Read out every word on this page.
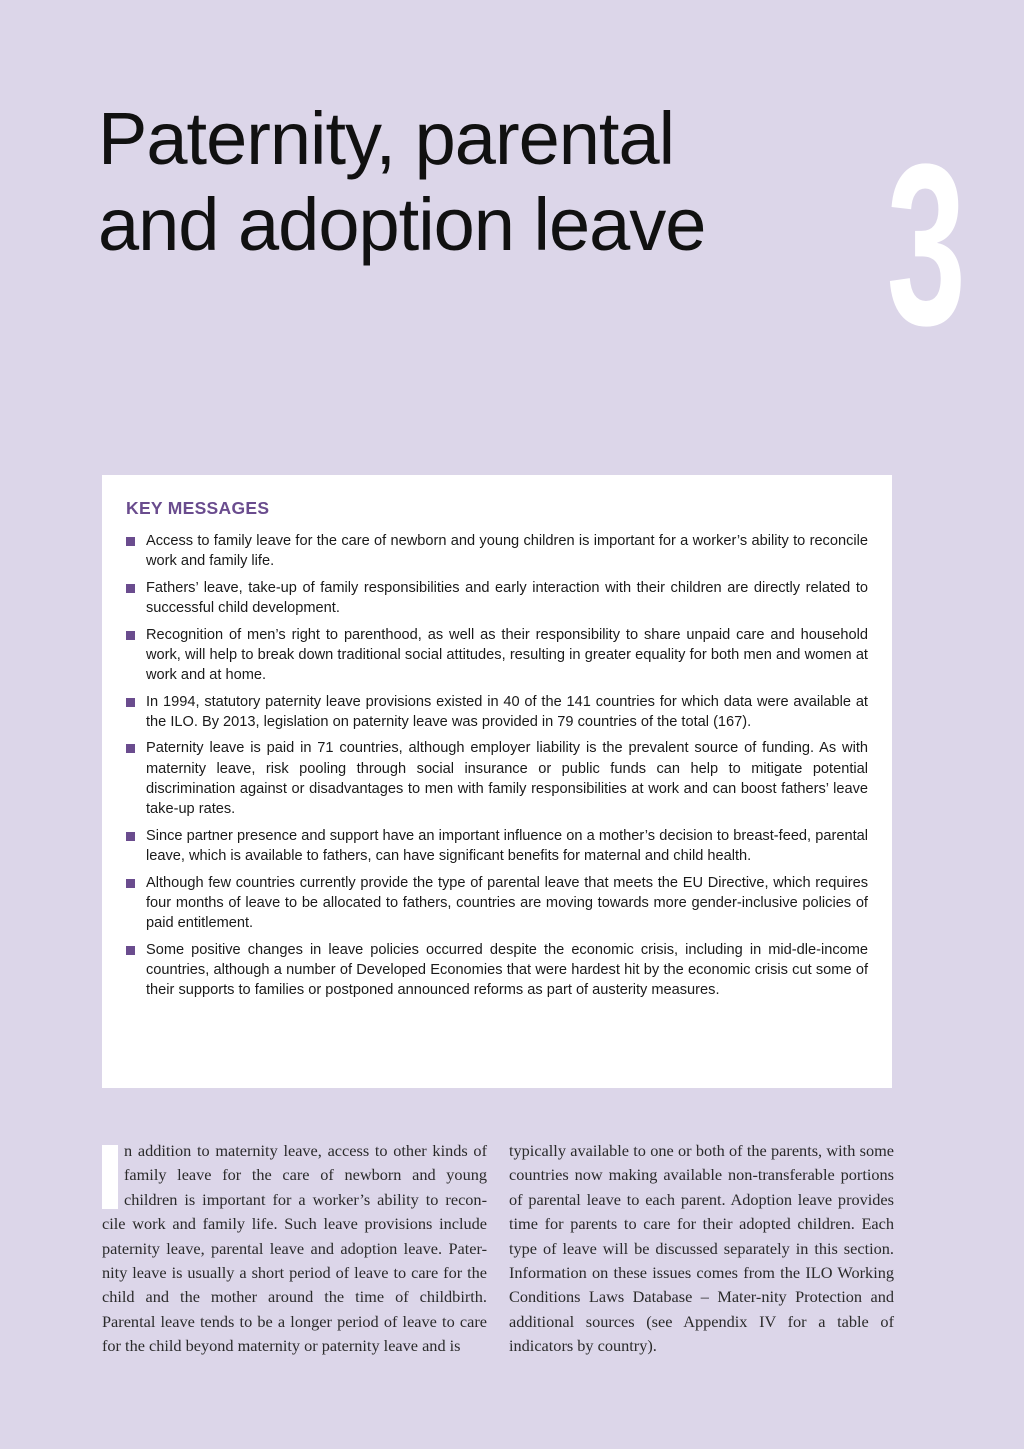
Paternity, parental
and adoption leave 3
KEY MESSAGES
Access to family leave for the care of newborn and young children is important for a worker’s ability to reconcile work and family life.
Fathers’ leave, take-up of family responsibilities and early interaction with their children are directly related to successful child development.
Recognition of men’s right to parenthood, as well as their responsibility to share unpaid care and household work, will help to break down traditional social attitudes, resulting in greater equality for both men and women at work and at home.
In 1994, statutory paternity leave provisions existed in 40 of the 141 countries for which data were available at the ILO. By 2013, legislation on paternity leave was provided in 79 countries of the total (167).
Paternity leave is paid in 71 countries, although employer liability is the prevalent source of funding. As with maternity leave, risk pooling through social insurance or public funds can help to mitigate potential discrimination against or disadvantages to men with family responsibilities at work and can boost fathers’ leave take-up rates.
Since partner presence and support have an important influence on a mother’s decision to breast-feed, parental leave, which is available to fathers, can have significant benefits for maternal and child health.
Although few countries currently provide the type of parental leave that meets the EU Directive, which requires four months of leave to be allocated to fathers, countries are moving towards more gender-inclusive policies of paid entitlement.
Some positive changes in leave policies occurred despite the economic crisis, including in mid-dle-income countries, although a number of Developed Economies that were hardest hit by the economic crisis cut some of their supports to families or postponed announced reforms as part of austerity measures.
n addition to maternity leave, access to other kinds of family leave for the care of newborn and young children is important for a worker’s ability to recon-cile work and family life. Such leave provisions include paternity leave, parental leave and adoption leave. Pater-nity leave is usually a short period of leave to care for the child and the mother around the time of childbirth. Parental leave tends to be a longer period of leave to care for the child beyond maternity or paternity leave and is
typically available to one or both of the parents, with some countries now making available non-transferable portions of parental leave to each parent. Adoption leave provides time for parents to care for their adopted children. Each type of leave will be discussed separately in this section. Information on these issues comes from the ILO Working Conditions Laws Database – Mater-nity Protection and additional sources (see Appendix IV for a table of indicators by country).
